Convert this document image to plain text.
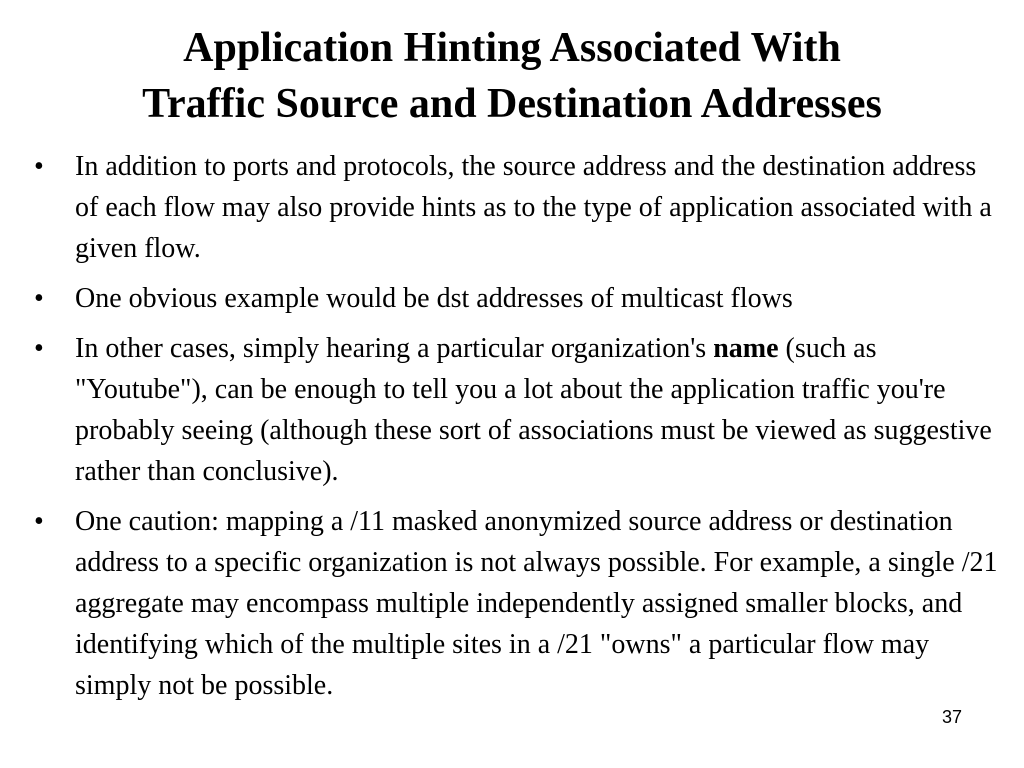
Application Hinting Associated With
Traffic Source and Destination Addresses
• In addition to ports and protocols, the source address and the destination address of each flow may also provide hints as to the type of application associated with a given flow.
• One obvious example would be dst addresses of multicast flows
• In other cases, simply hearing a particular organization's name (such as "Youtube"), can be enough to tell you a lot about the application traffic you're probably seeing (although these sort of associations must be viewed as suggestive rather than conclusive).
• One caution: mapping a /11 masked anonymized source address or destination address to a specific organization is not always possible. For example, a single /21 aggregate may encompass multiple independently assigned smaller blocks, and identifying which of the multiple sites in a /21 "owns" a particular flow may simply not be possible.
37
